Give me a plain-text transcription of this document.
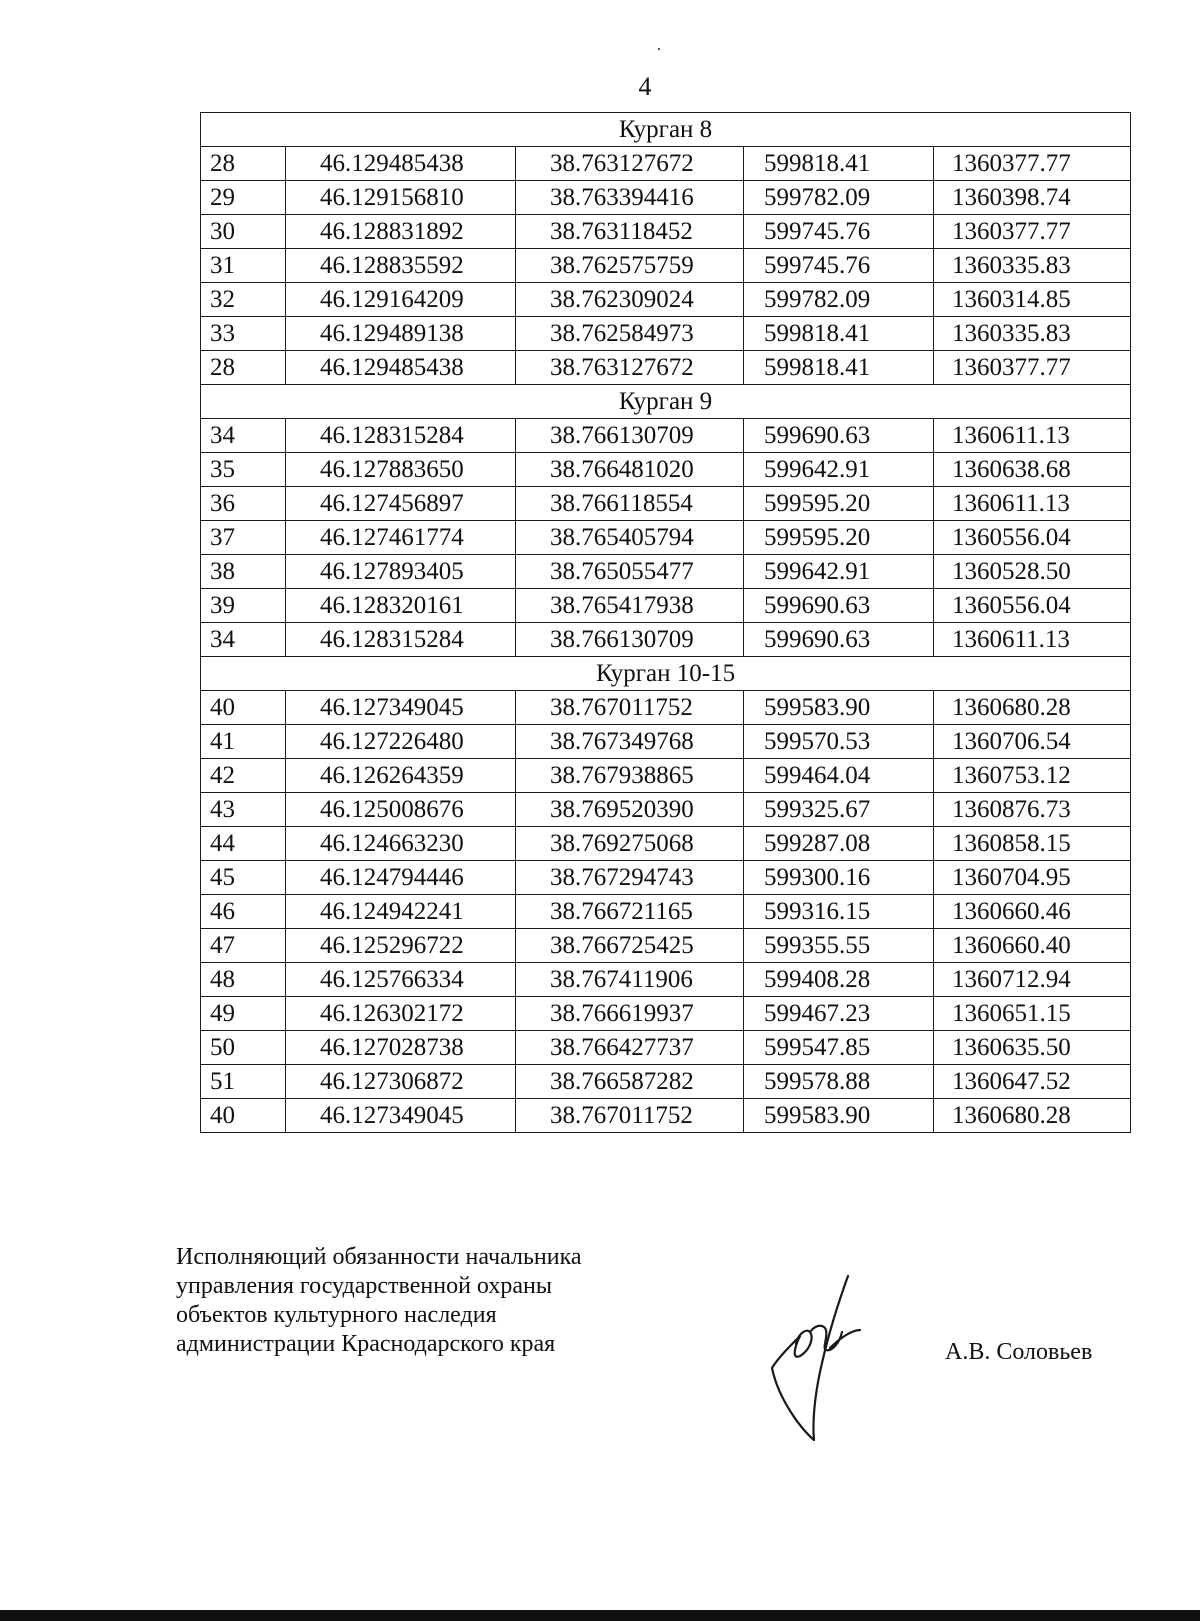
4
Курган 8				
28	46.129485438	38.763127672	599818.41	1360377.77
29	46.129156810	38.763394416	599782.09	1360398.74
30	46.128831892	38.763118452	599745.76	1360377.77
31	46.128835592	38.762575759	599745.76	1360335.83
32	46.129164209	38.762309024	599782.09	1360314.85
33	46.129489138	38.762584973	599818.41	1360335.83
28	46.129485438	38.763127672	599818.41	1360377.77
Курган 9				
34	46.128315284	38.766130709	599690.63	1360611.13
35	46.127883650	38.766481020	599642.91	1360638.68
36	46.127456897	38.766118554	599595.20	1360611.13
37	46.127461774	38.765405794	599595.20	1360556.04
38	46.127893405	38.765055477	599642.91	1360528.50
39	46.128320161	38.765417938	599690.63	1360556.04
34	46.128315284	38.766130709	599690.63	1360611.13
Курган 10-15				
40	46.127349045	38.767011752	599583.90	1360680.28
41	46.127226480	38.767349768	599570.53	1360706.54
42	46.126264359	38.767938865	599464.04	1360753.12
43	46.125008676	38.769520390	599325.67	1360876.73
44	46.124663230	38.769275068	599287.08	1360858.15
45	46.124794446	38.767294743	599300.16	1360704.95
46	46.124942241	38.766721165	599316.15	1360660.46
47	46.125296722	38.766725425	599355.55	1360660.40
48	46.125766334	38.767411906	599408.28	1360712.94
49	46.126302172	38.766619937	599467.23	1360651.15
50	46.127028738	38.766427737	599547.85	1360635.50
51	46.127306872	38.766587282	599578.88	1360647.52
40	46.127349045	38.767011752	599583.90	1360680.28
Исполняющий обязанности начальника
управления государственной охраны
объектов культурного наследия
администрации Краснодарского края	А.В. Соловьев
